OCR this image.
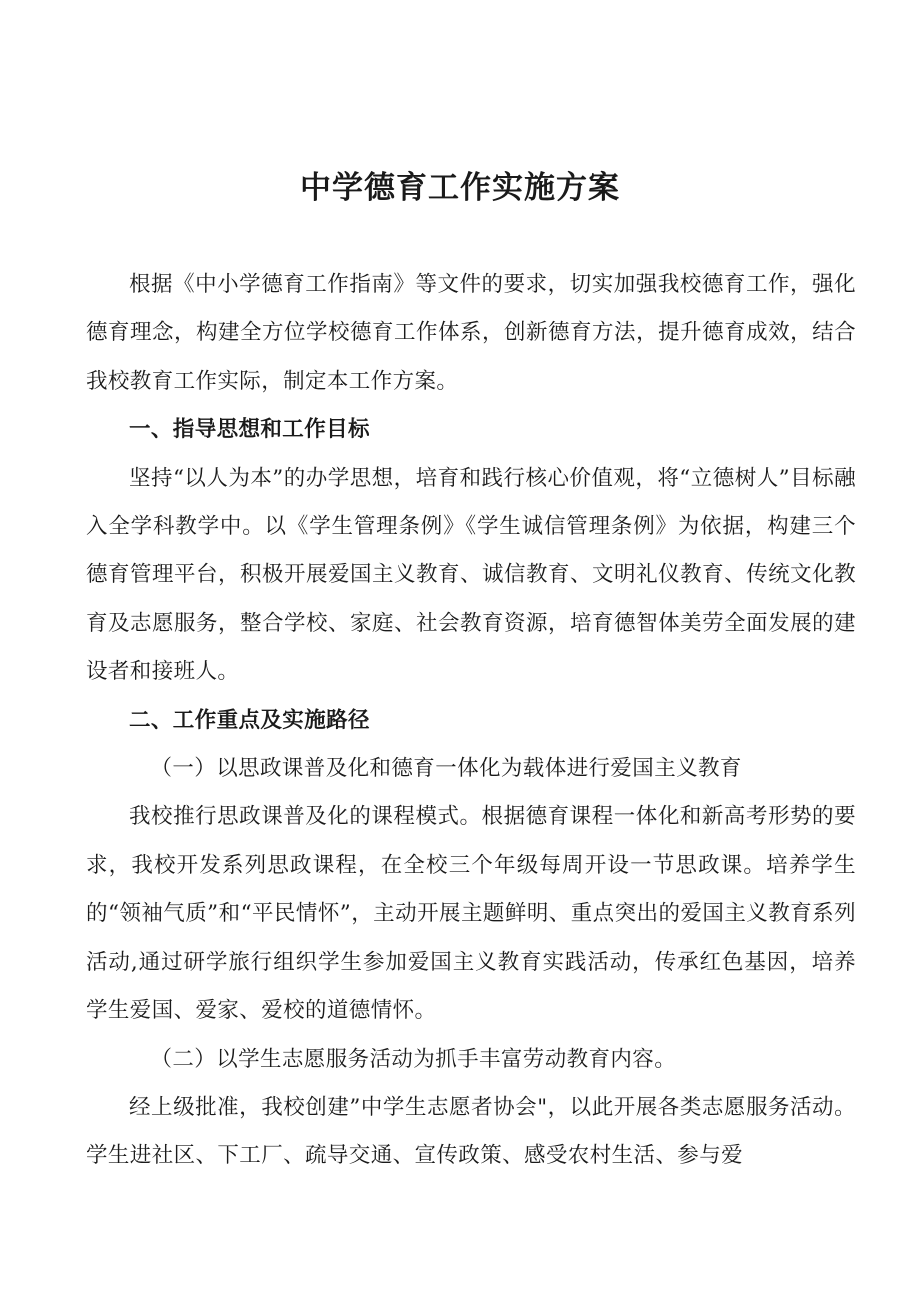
中学德育工作实施方案

根据《中小学德育工作指南》等文件的要求，切实加强我校德育工作，强化德育理念，构建全方位学校德育工作体系，创新德育方法，提升德育成效，结合我校教育工作实际，制定本工作方案。

一、指导思想和工作目标

坚持“以人为本”的办学思想，培育和践行核心价值观，将“立德树人”目标融入全学科教学中。以《学生管理条例》《学生诚信管理条例》为依据，构建三个德育管理平台，积极开展爱国主义教育、诚信教育、文明礼仪教育、传统文化教育及志愿服务，整合学校、家庭、社会教育资源，培育德智体美劳全面发展的建设者和接班人。

二、工作重点及实施路径

（一）以思政课普及化和德育一体化为载体进行爱国主义教育

我校推行思政课普及化的课程模式。根据德育课程一体化和新高考形势的要求，我校开发系列思政课程，在全校三个年级每周开设一节思政课。培养学生的“领袖气质”和“平民情怀”，主动开展主题鲜明、重点突出的爱国主义教育系列活动,通过研学旅行组织学生参加爱国主义教育实践活动，传承红色基因，培养学生爱国、爱家、爱校的道德情怀。

（二）以学生志愿服务活动为抓手丰富劳动教育内容。

经上级批准，我校创建”中学生志愿者协会"，以此开展各类志愿服务活动。学生进社区、下工厂、疏导交通、宣传政策、感受农村生活、参与爱
